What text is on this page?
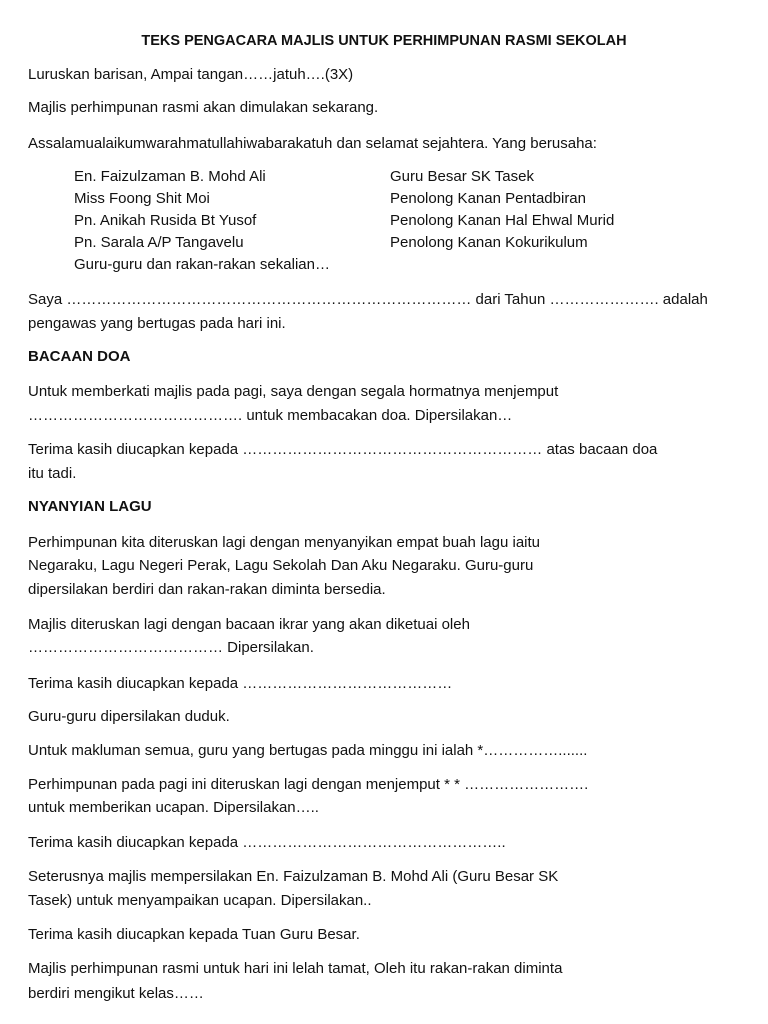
TEKS PENGACARA MAJLIS UNTUK PERHIMPUNAN RASMI SEKOLAH
Luruskan barisan, Ampai tangan……jatuh….(3X)
Majlis perhimpunan rasmi akan dimulakan sekarang.
Assalamualaikumwarahmatullahiwabarakatuh dan selamat sejahtera. Yang berusaha:
En. Faizulzaman B. Mohd Ali	Guru Besar SK Tasek
Miss Foong Shit Moi	Penolong Kanan Pentadbiran
Pn. Anikah Rusida Bt Yusof	Penolong Kanan Hal Ehwal Murid
Pn. Sarala A/P Tangavelu	Penolong Kanan Kokurikulum
Guru-guru dan rakan-rakan sekalian…
Saya ……………………………………………………………………… dari Tahun …………………. adalah
pengawas yang bertugas pada hari ini.
BACAAN DOA
Untuk memberkati majlis pada pagi, saya dengan segala hormatnya menjemput
……………………………………. untuk membacakan doa. Dipersilakan…
Terima kasih diucapkan kepada …………………………………………………… atas bacaan doa
itu tadi.
NYANYIAN LAGU
Perhimpunan kita diteruskan lagi dengan menyanyikan empat buah lagu iaitu
Negaraku, Lagu Negeri Perak, Lagu Sekolah Dan Aku Negaraku. Guru-guru
dipersilakan berdiri dan rakan-rakan diminta bersedia.
Majlis diteruskan lagi dengan bacaan ikrar yang akan diketuai oleh
………………………………… Dipersilakan.
Terima kasih diucapkan kepada ……………………………………
Guru-guru dipersilakan duduk.
Untuk makluman semua, guru yang bertugas pada minggu ini ialah *…………….......
Perhimpunan pada pagi ini diteruskan lagi dengan menjemput * * …………………….
untuk memberikan ucapan. Dipersilakan…..
Terima kasih diucapkan kepada ……………………………………………..
Seterusnya majlis mempersilakan En. Faizulzaman B. Mohd Ali (Guru Besar SK
Tasek) untuk menyampaikan ucapan. Dipersilakan..
Terima kasih diucapkan kepada Tuan Guru Besar.
Majlis perhimpunan rasmi untuk hari ini lelah tamat, Oleh itu rakan-rakan diminta
berdiri mengikut kelas……
